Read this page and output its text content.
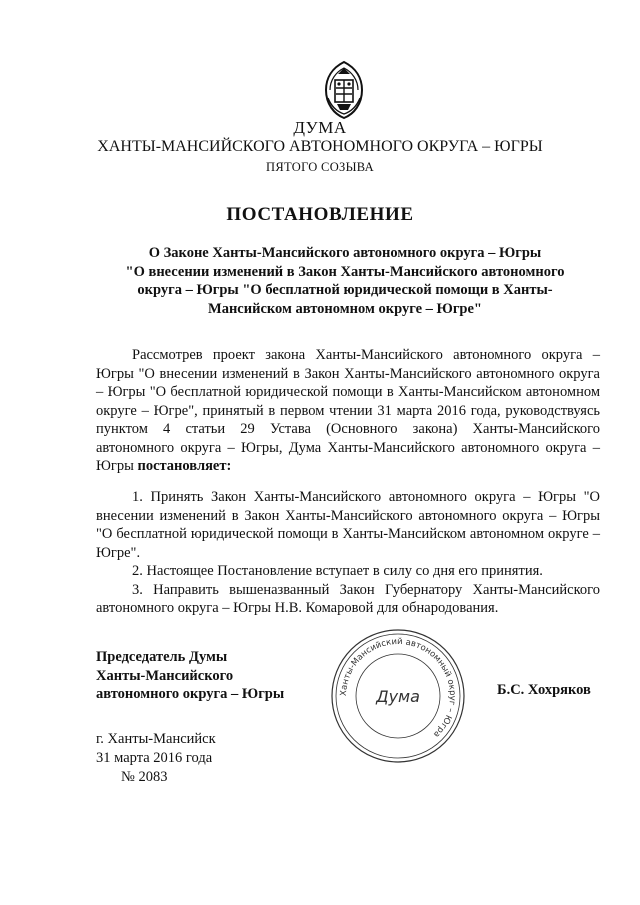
ДУМА
ХАНТЫ-МАНСИЙСКОГО АВТОНОМНОГО ОКРУГА – ЮГРЫ
ПЯТОГО СОЗЫВА
ПОСТАНОВЛЕНИЕ
О Законе Ханты-Мансийского автономного округа – Югры
"О внесении изменений в Закон Ханты-Мансийского автономного
округа – Югры "О бесплатной юридической помощи в Ханты-
Мансийском автономном округе – Югре"

Рассмотрев проект закона Ханты-Мансийского автономного округа – Югры "О внесении изменений в Закон Ханты-Мансийского автономного округа – Югры "О бесплатной юридической помощи в Ханты-Мансийском автономном округе – Югре", принятый в первом чтении 31 марта 2016 года, руководствуясь пунктом 4 статьи 29 Устава (Основного закона) Ханты-Мансийского автономного округа – Югры, Дума Ханты-Мансийского автономного округа – Югры постановляет:

1. Принять Закон Ханты-Мансийского автономного округа – Югры "О внесении изменений в Закон Ханты-Мансийского автономного округа – Югры "О бесплатной юридической помощи в Ханты-Мансийском автономном округе – Югре".

2. Настоящее Постановление вступает в силу со дня его принятия.

3. Направить вышеназванный Закон Губернатору Ханты-Мансийского автономного округа – Югры Н.В. Комаровой для обнародования.

Председатель Думы
Ханты-Мансийского
автономного округа – Югры	Ханты-Мансийский автономный округ – Югра
Дума	Б.С. Хохряков
г. Ханты-Мансийск
31 марта 2016 года
№ 2083
